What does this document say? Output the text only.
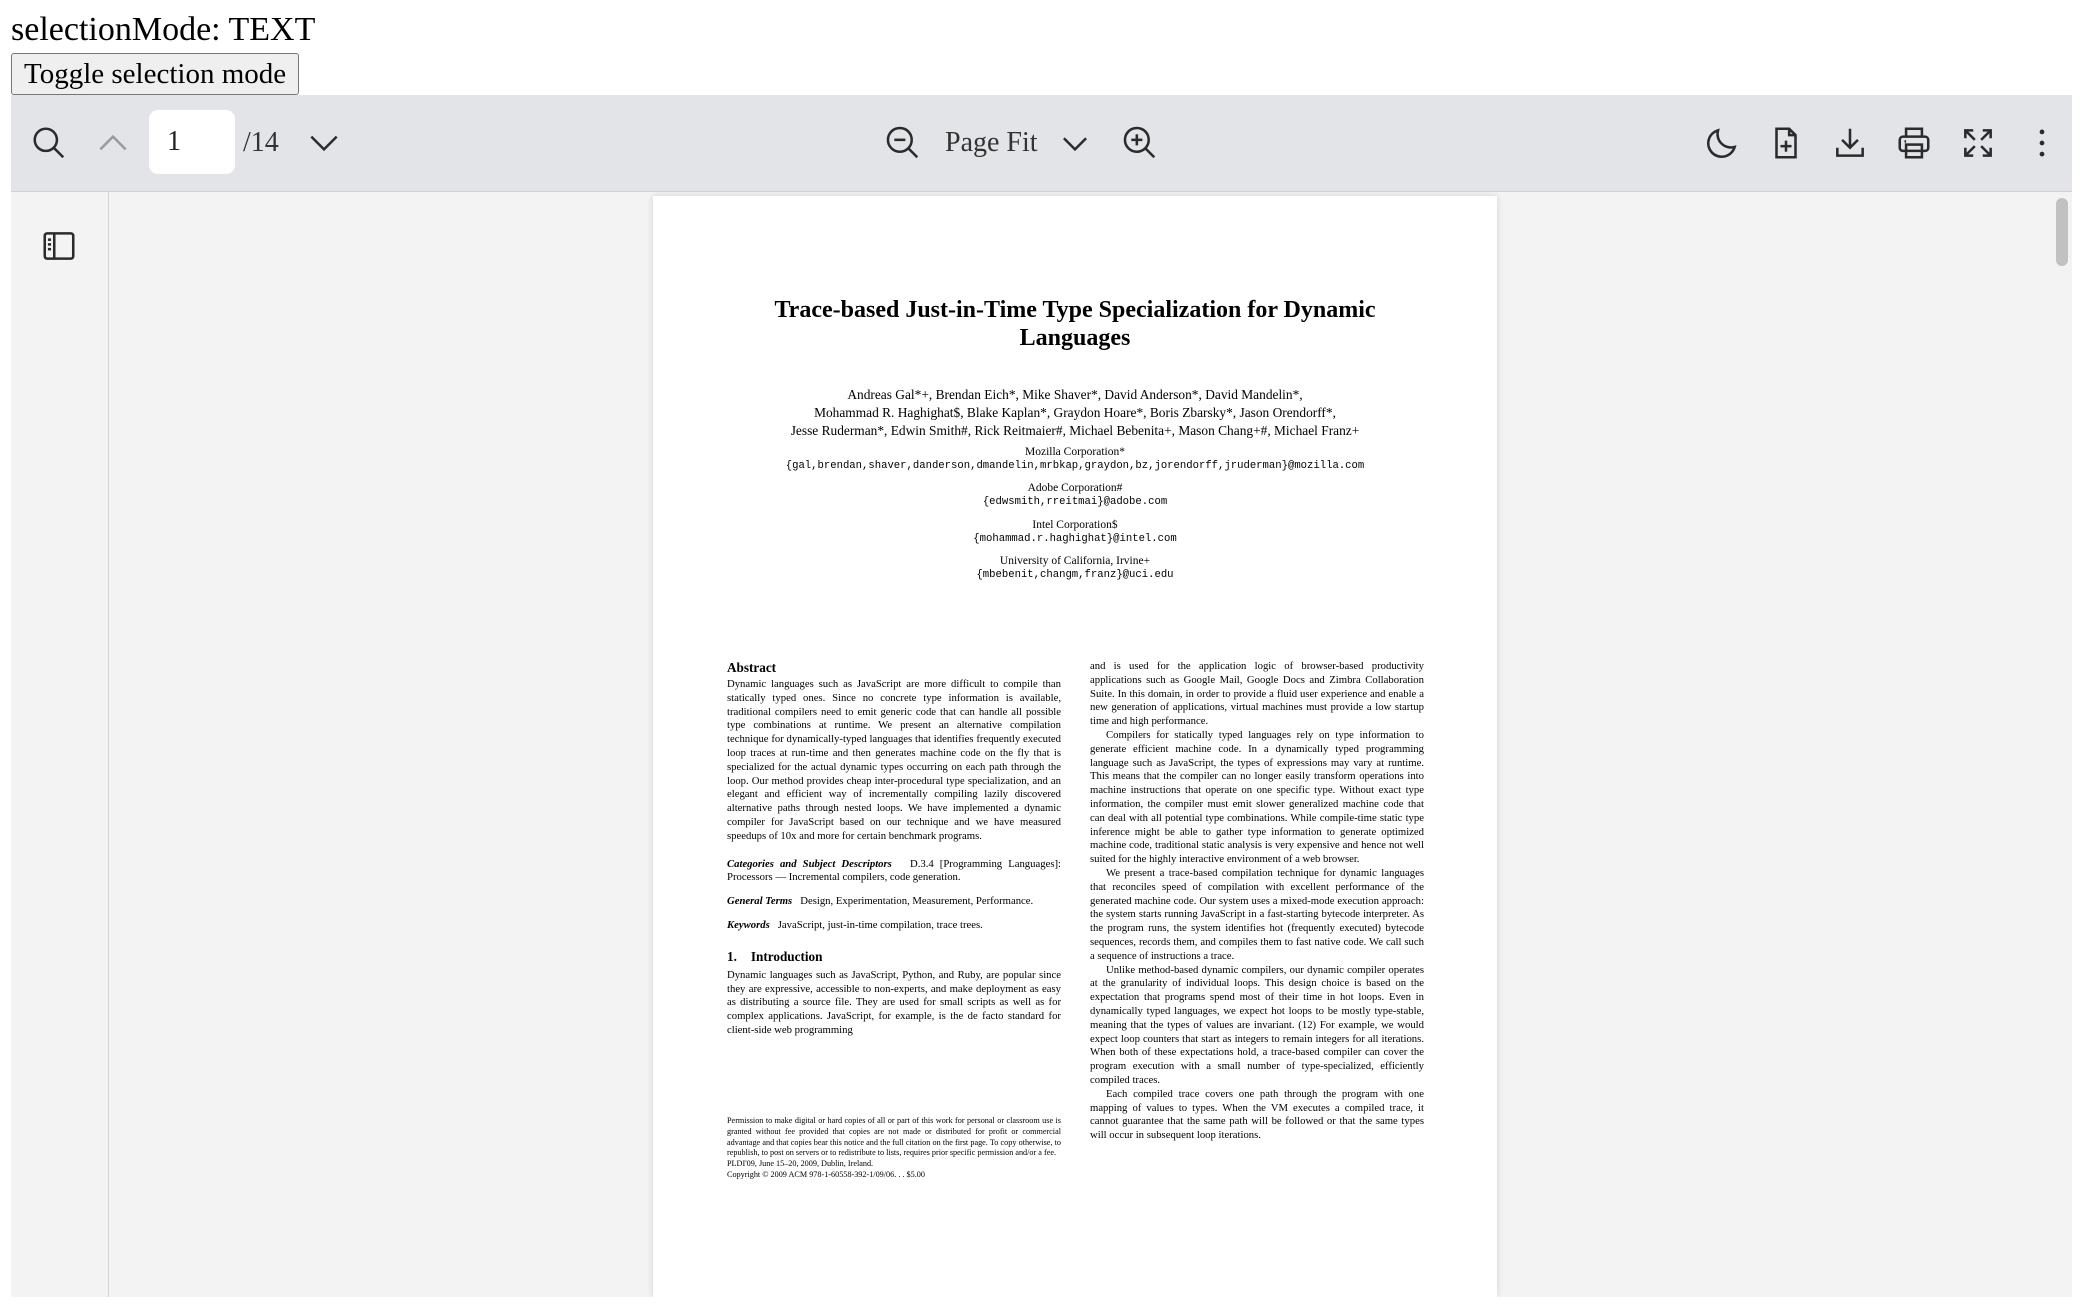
selectionMode: TEXT
Toggle selection mode
1
/14	Page Fit
Trace-based Just-in-Time Type Specialization for Dynamic Languages
Andreas Gal*+, Brendan Eich*, Mike Shaver*, David Anderson*, David Mandelin*,
Mohammad R. Haghighat$, Blake Kaplan*, Graydon Hoare*, Boris Zbarsky*, Jason Orendorff*,
Jesse Ruderman*, Edwin Smith#, Rick Reitmaier#, Michael Bebenita+, Mason Chang+#, Michael Franz+
Mozilla Corporation*
{gal,brendan,shaver,danderson,dmandelin,mrbkap,graydon,bz,jorendorff,jruderman}@mozilla.com
Adobe Corporation#
{edwsmith,rreitmai}@adobe.com
Intel Corporation$
{mohammad.r.haghighat}@intel.com
University of California, Irvine+
{mbebenit,changm,franz}@uci.edu

Abstract

Dynamic languages such as JavaScript are more difficult to compile than statically typed ones. Since no concrete type information is available, traditional compilers need to emit generic code that can handle all possible type combinations at runtime. We present an alternative compilation technique for dynamically-typed languages that identifies frequently executed loop traces at run-time and then generates machine code on the fly that is specialized for the actual dynamic types occurring on each path through the loop. Our method provides cheap inter-procedural type specialization, and an elegant and efficient way of incrementally compiling lazily discovered alternative paths through nested loops. We have implemented a dynamic compiler for JavaScript based on our technique and we have measured speedups of 10x and more for certain benchmark programs.

Categories and Subject Descriptors D.3.4 [Programming Languages]: Processors — Incremental compilers, code generation.

General Terms Design, Experimentation, Measurement, Performance.

Keywords JavaScript, just-in-time compilation, trace trees.

1. Introduction

Dynamic languages such as JavaScript, Python, and Ruby, are popular since they are expressive, accessible to non-experts, and make deployment as easy as distributing a source file. They are used for small scripts as well as for complex applications. JavaScript, for example, is the de facto standard for client-side web programming

and is used for the application logic of browser-based productivity applications such as Google Mail, Google Docs and Zimbra Collaboration Suite. In this domain, in order to provide a fluid user experience and enable a new generation of applications, virtual machines must provide a low startup time and high performance.

Compilers for statically typed languages rely on type information to generate efficient machine code. In a dynamically typed programming language such as JavaScript, the types of expressions may vary at runtime. This means that the compiler can no longer easily transform operations into machine instructions that operate on one specific type. Without exact type information, the compiler must emit slower generalized machine code that can deal with all potential type combinations. While compile-time static type inference might be able to gather type information to generate optimized machine code, traditional static analysis is very expensive and hence not well suited for the highly interactive environment of a web browser.

We present a trace-based compilation technique for dynamic languages that reconciles speed of compilation with excellent performance of the generated machine code. Our system uses a mixed-mode execution approach: the system starts running JavaScript in a fast-starting bytecode interpreter. As the program runs, the system identifies hot (frequently executed) bytecode sequences, records them, and compiles them to fast native code. We call such a sequence of instructions a trace.

Unlike method-based dynamic compilers, our dynamic compiler operates at the granularity of individual loops. This design choice is based on the expectation that programs spend most of their time in hot loops. Even in dynamically typed languages, we expect hot loops to be mostly type-stable, meaning that the types of values are invariant. (12) For example, we would expect loop counters that start as integers to remain integers for all iterations. When both of these expectations hold, a trace-based compiler can cover the program execution with a small number of type-specialized, efficiently compiled traces.

Each compiled trace covers one path through the program with one mapping of values to types. When the VM executes a compiled trace, it cannot guarantee that the same path will be followed or that the same types will occur in subsequent loop iterations.

Permission to make digital or hard copies of all or part of this work for personal or classroom use is granted without fee provided that copies are not made or distributed for profit or commercial advantage and that copies bear this notice and the full citation on the first page. To copy otherwise, to republish, to post on servers or to redistribute to lists, requires prior specific permission and/or a fee.

PLDI'09, June 15–20, 2009, Dublin, Ireland.

Copyright © 2009 ACM 978-1-60558-392-1/09/06. . . $5.00
